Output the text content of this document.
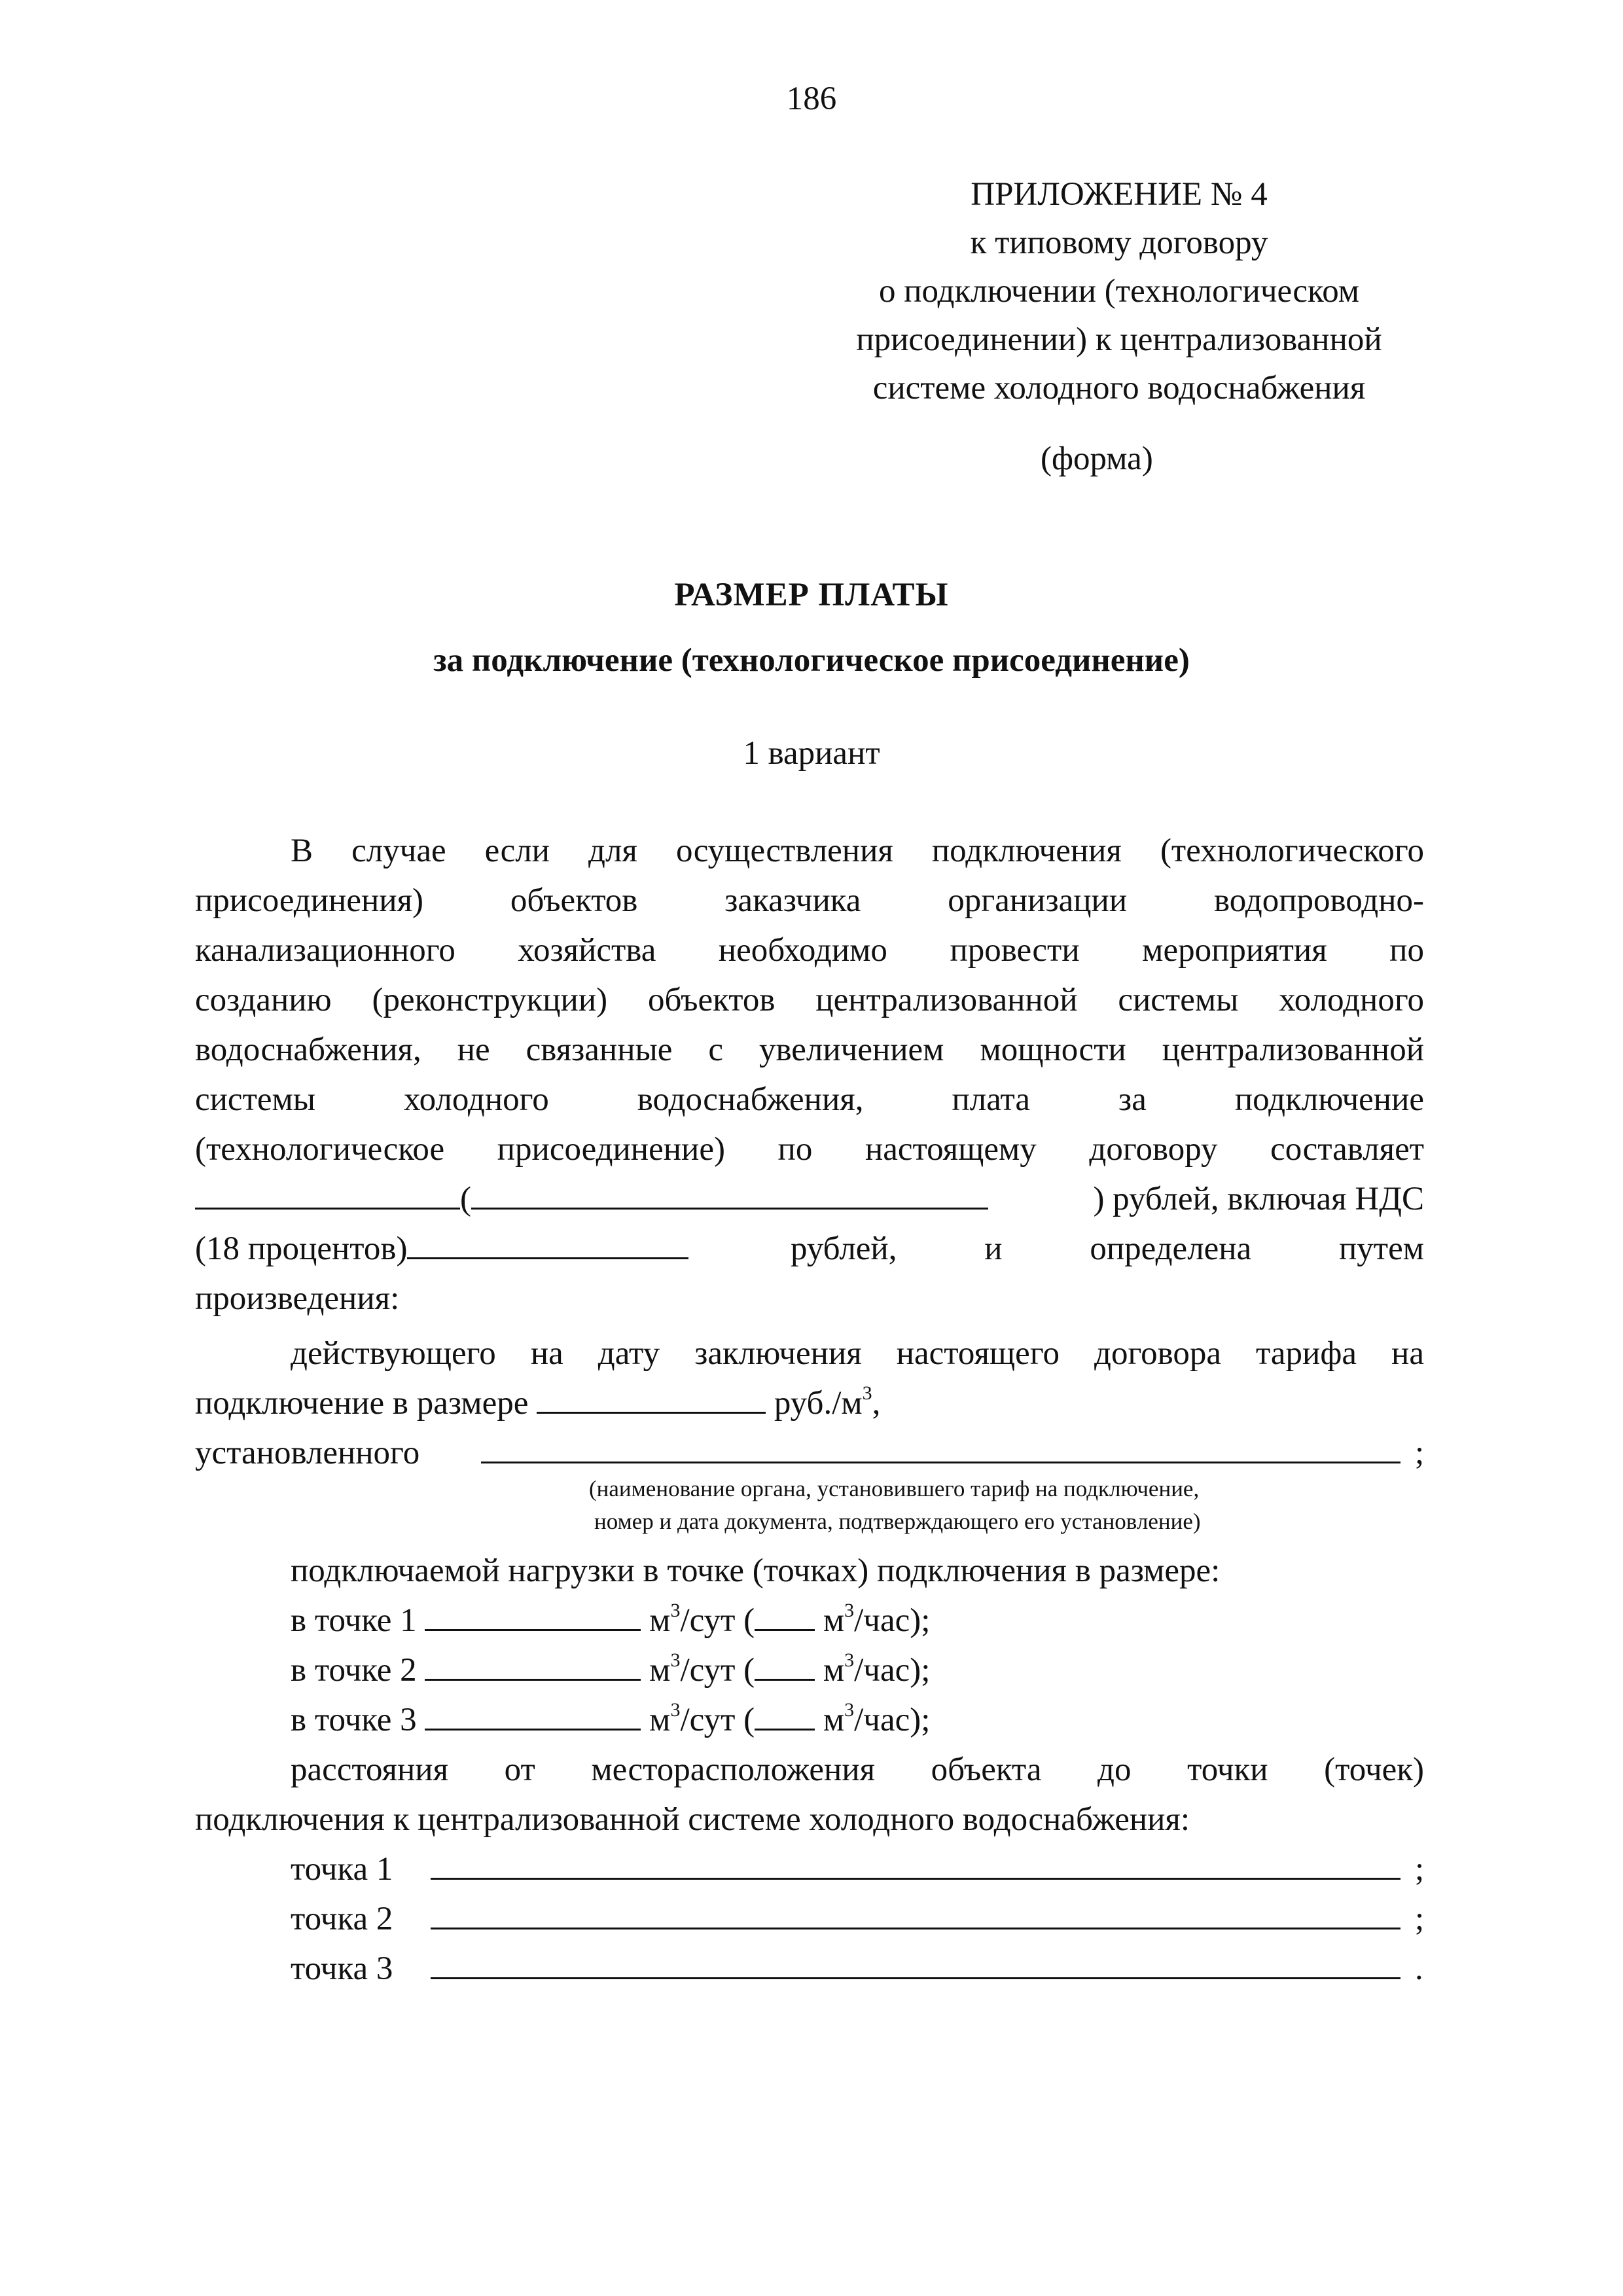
186
ПРИЛОЖЕНИЕ № 4
к типовому договору
о подключении (технологическом
присоединении) к централизованной
системе холодного водоснабжения
(форма)
РАЗМЕР ПЛАТЫ
за подключение (технологическое присоединение)
1 вариант
В случае если для осуществления подключения (технологического
присоединения) объектов заказчика организации водопроводно-
канализационного хозяйства необходимо провести мероприятия по
созданию (реконструкции) объектов централизованной системы холодного
водоснабжения, не связанные с увеличением мощности централизованной
системы холодного водоснабжения, плата за подключение
(технологическое присоединение) по настоящему договору составляет
(	) рублей, включая НДС
(18 процентов)	рублей, и определена путем
произведения:
действующего на дату заключения настоящего договора тарифа на
подключение в размере	$руб./м^3$,
установленного	;
(наименование органа, установившего тариф на подключение,
номер и дата документа, подтверждающего его установление)
подключаемой нагрузки в точке (точках) подключения в размере:
в точке 1	$м^3$/сут ( $м^3/час$);
в точке 2	$м^3$/сут ( $м^3/час$);
в точке 3	$м^3$/сут ( $м^3/час$);
расстояния от месторасположения объекта до точки (точек)
подключения к централизованной системе холодного водоснабжения:
точка 1	;
точка 2	;
точка 3	.
